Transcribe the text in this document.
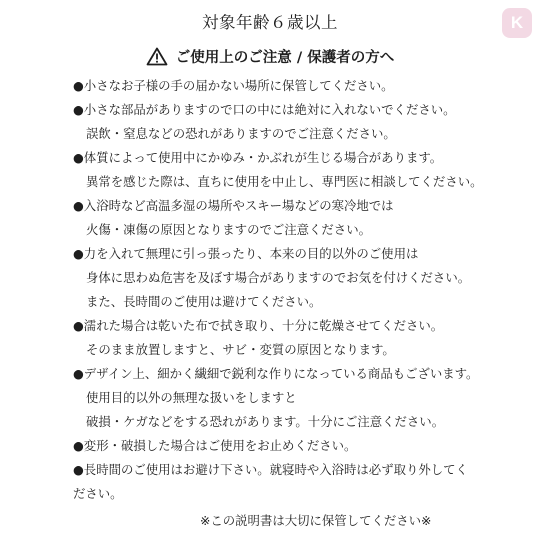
K
対象年齢６歳以上
ご使用上のご注意 / 保護者の方へ
●小さなお子様の手の届かない場所に保管してください。
●小さな部品がありますので口の中には絶対に入れないでください。
誤飲・窒息などの恐れがありますのでご注意ください。
●体質によって使用中にかゆみ・かぶれが生じる場合があります。
異常を感じた際は、直ちに使用を中止し、専門医に相談してください。
●入浴時など高温多湿の場所やスキー場などの寒冷地では
火傷・凍傷の原因となりますのでご注意ください。
●力を入れて無理に引っ張ったり、本来の目的以外のご使用は
身体に思わぬ危害を及ぼす場合がありますのでお気を付けください。
また、長時間のご使用は避けてください。
●濡れた場合は乾いた布で拭き取り、十分に乾燥させてください。
そのまま放置しますと、サビ・変質の原因となります。
●デザイン上、細かく繊細で鋭利な作りになっている商品もございます。
使用目的以外の無理な扱いをしますと
破損・ケガなどをする恐れがあります。十分にご注意ください。
●変形・破損した場合はご使用をお止めください。
●長時間のご使用はお避け下さい。就寝時や入浴時は必ず取り外してく
ださい。
※この説明書は大切に保管してください※
